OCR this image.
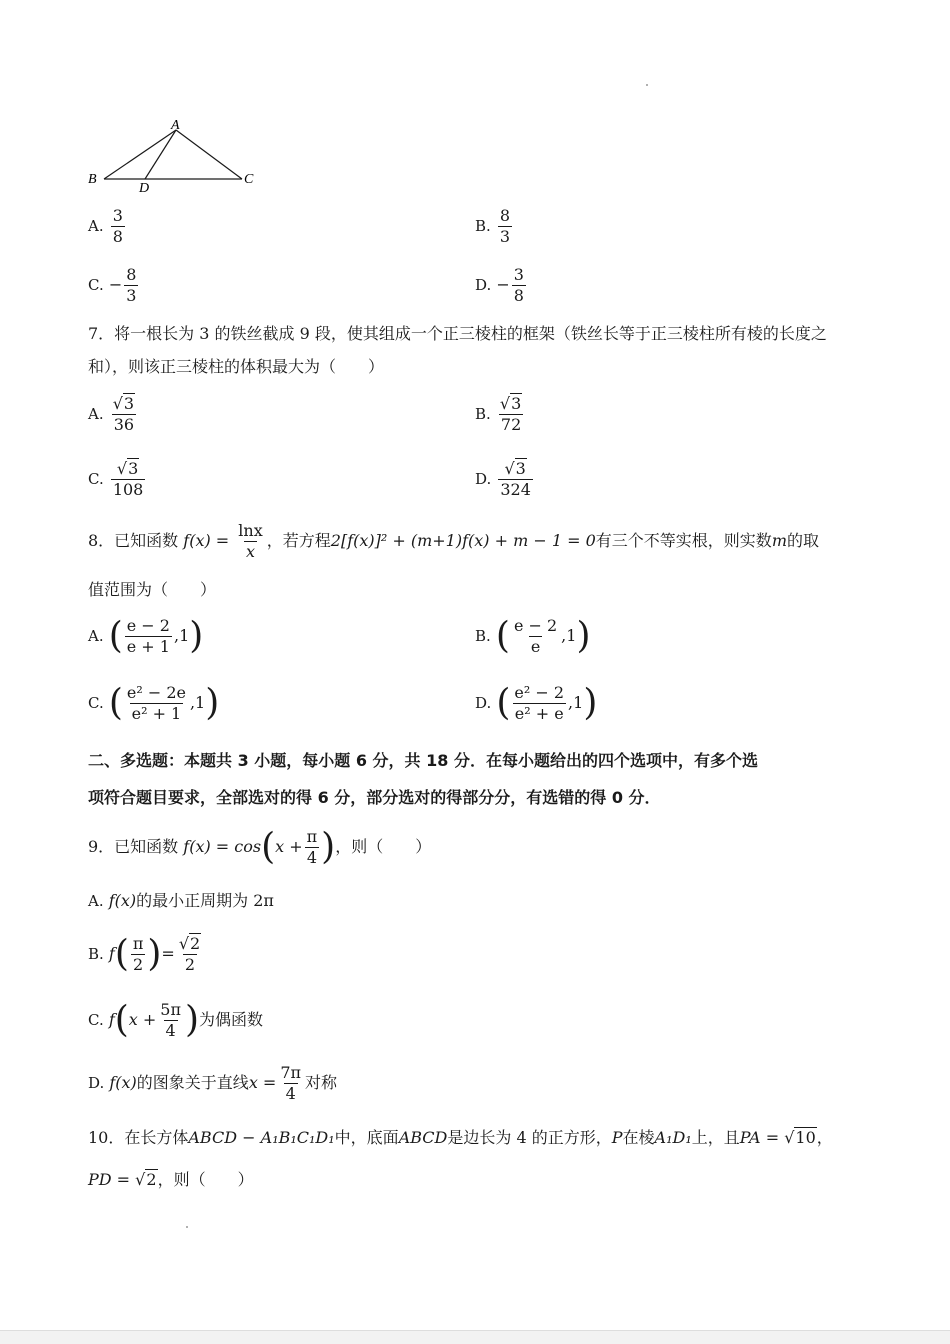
A
B	C
D
A. $\frac{3}{8}$	B. $\frac{8}{3}$
C. − $\frac{8}{3}$	D. − $\frac{3}{8}$
7．将一根长为 3 的铁丝截成 9 段，使其组成一个正三棱柱的框架（铁丝长等于正三棱柱所有棱的长度之
和），则该正三棱柱的体积最大为（　　）
A. $\frac{√3}{36}$	B. $\frac{√3}{72}$
C. $\frac{√3}{108}$	D. $\frac{√3}{324}$
8．已知函数 $f(x) = \frac{\ln x}{x}$ ，若方程2[f(x)]² + (m+1)f(x) + m − 1 = 0有三个不等实根，则实数m的取
值范围为（　　）
A. ( $\frac{e - 2}{e + 1} ,1$)	B. ( $\frac{e - 2}{e} ,1$)
C. ( $\frac{\text{e² − 2e}}{\text{e² + 1}} ,1$)	D. ( $\frac{\text{e² − 2}}{\text{e² + e}} ,1$)
二、多选题：本题共 3 小题，每小题 6 分，共 18 分．在每小题给出的四个选项中，有多个选
项符合题目要求，全部选对的得 6 分，部分选对的得部分分，有选错的得 0 分．
9．已知函数 $f(x) = \cos(x + \frac{\pi}{4}$ )，则（　　）
A. f(x)的最小正周期为 2π
B. $f( \frac{\pi}{2}$ )= $\frac{√2}{2}$
C. $f(x + \frac{5\pi}{4}$ )为偶函数
D. f(x)的图象关于直线$x = \frac{7\pi}{4}$ 对称
10．在长方体ABCD − A₁B₁C₁D₁中，底面ABCD是边长为 4 的正方形，P在棱A₁D₁上，且PA = √10，
PD = √2，则（　　）
